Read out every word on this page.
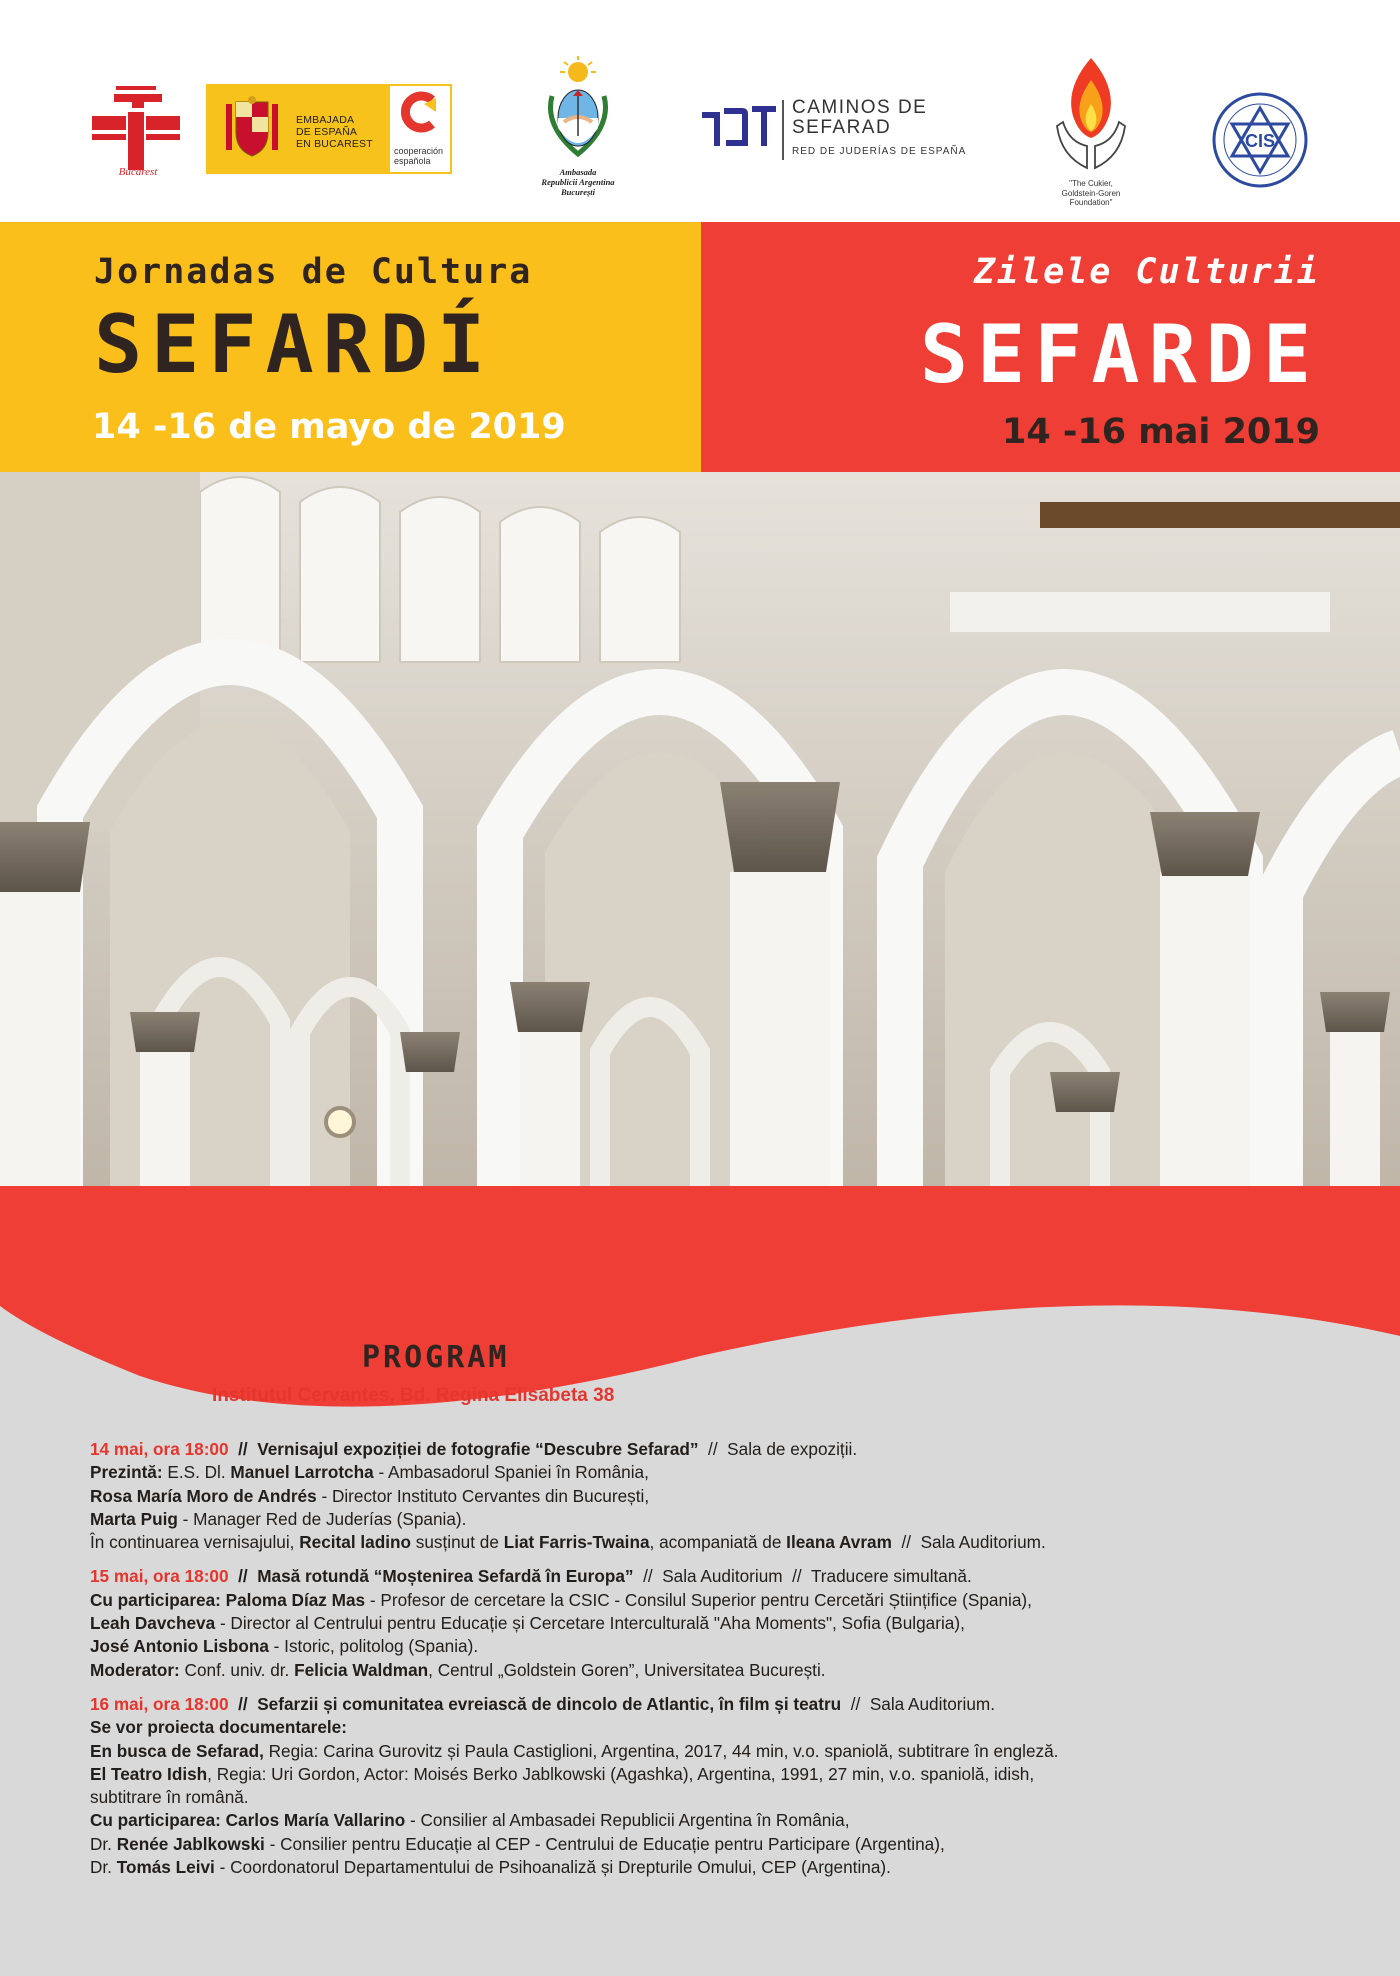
Bucarest
EMBAJADA
DE ESPAÑA
EN BUCAREST
cooperación
española
Ambasada
Republicii Argentina
București
CAMINOS DE
SEFARAD
RED DE JUDERÍAS DE ESPAÑA
"The Cukier,
Goldstein-Goren
Foundation"
CIS
Jornadas de Cultura
SEFARDÍ
14 -16 de mayo de 2019
Zilele Culturii
SEFARDE
14 -16 mai 2019
PROGRAM
Institutul Cervantes, Bd. Regina Elisabeta 38

14 mai, ora 18:00  //  Vernisajul expoziției de fotografie “Descubre Sefarad”  //  Sala de expoziții.

Prezintă: E.S. Dl. Manuel Larrotcha - Ambasadorul Spaniei în România,

Rosa María Moro de Andrés - Director Instituto Cervantes din București,

Marta Puig - Manager Red de Juderías (Spania).

În continuarea vernisajului, Recital ladino susținut de Liat Farris-Twaina, acompaniată de Ileana Avram  //  Sala Auditorium.

15 mai, ora 18:00  //  Masă rotundă “Moștenirea Sefardă în Europa”  //  Sala Auditorium  //  Traducere simultană.

Cu participarea: Paloma Díaz Mas - Profesor de cercetare la CSIC - Consilul Superior pentru Cercetări Științifice (Spania),

Leah Davcheva - Director al Centrului pentru Educație și Cercetare Interculturală "Aha Moments", Sofia (Bulgaria),

José Antonio Lisbona - Istoric, politolog (Spania).

Moderator: Conf. univ. dr. Felicia Waldman, Centrul „Goldstein Goren”, Universitatea București.

16 mai, ora 18:00  //  Sefarzii și comunitatea evreiască de dincolo de Atlantic, în film și teatru  //  Sala Auditorium.

Se vor proiecta documentarele:

En busca de Sefarad, Regia: Carina Gurovitz și Paula Castiglioni, Argentina, 2017, 44 min, v.o. spaniolă, subtitrare în engleză.

El Teatro Idish, Regia: Uri Gordon, Actor: Moisés Berko Jablkowski (Agashka), Argentina, 1991, 27 min, v.o. spaniolă, idish,

subtitrare în română.

Cu participarea: Carlos María Vallarino - Consilier al Ambasadei Republicii Argentina în România,

Dr. Renée Jablkowski - Consilier pentru Educație al CEP - Centrului de Educație pentru Participare (Argentina),

Dr. Tomás Leivi - Coordonatorul Departamentului de Psihoanaliză și Drepturile Omului, CEP (Argentina).
